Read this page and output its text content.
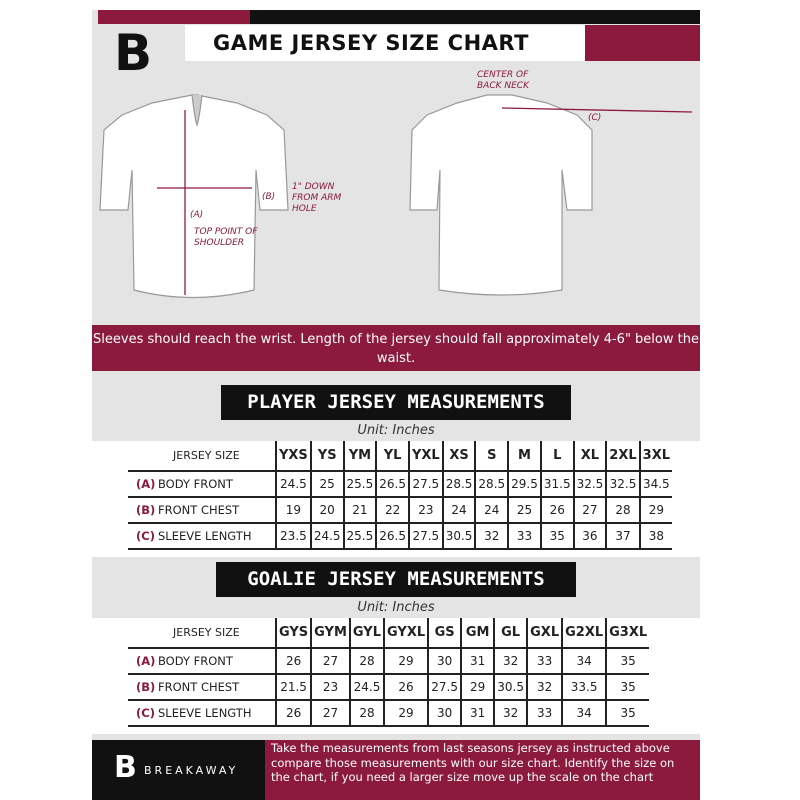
B	GAME JERSEY SIZE CHART
(A)
TOP POINT OF SHOULDER
(B)
1" DOWN FROM ARM HOLE
CENTER OF BACK NECK
(C)
Sleeves should reach the wrist. Length of the jersey should fall approximately 4-6" below the waist.
PLAYER JERSEY MEASUREMENTS
Unit: Inches
JERSEY SIZE	YXS	YS	YM	YL	YXL	XS	S	M	L	XL	2XL	3XL
(A) BODY FRONT	24.5	25	25.5	26.5	27.5	28.5	28.5	29.5	31.5	32.5	32.5	34.5
(B) FRONT CHEST	19	20	21	22	23	24	24	25	26	27	28	29
(C) SLEEVE LENGTH	23.5	24.5	25.5	26.5	27.5	30.5	32	33	35	36	37	38
GOALIE JERSEY MEASUREMENTS
Unit: Inches
JERSEY SIZE	GYS	GYM	GYL	GYXL	GS	GM	GL	GXL	G2XL	G3XL
(A) BODY FRONT	26	27	28	29	30	31	32	33	34	35
(B) FRONT CHEST	21.5	23	24.5	26	27.5	29	30.5	32	33.5	35
(C) SLEEVE LENGTH	26	27	28	29	30	31	32	33	34	35
B BREAKAWAY
Take the measurements from last seasons jersey as instructed above compare those measurements with our size chart. Identify the size on the chart, if you need a larger size move up the scale on the chart
